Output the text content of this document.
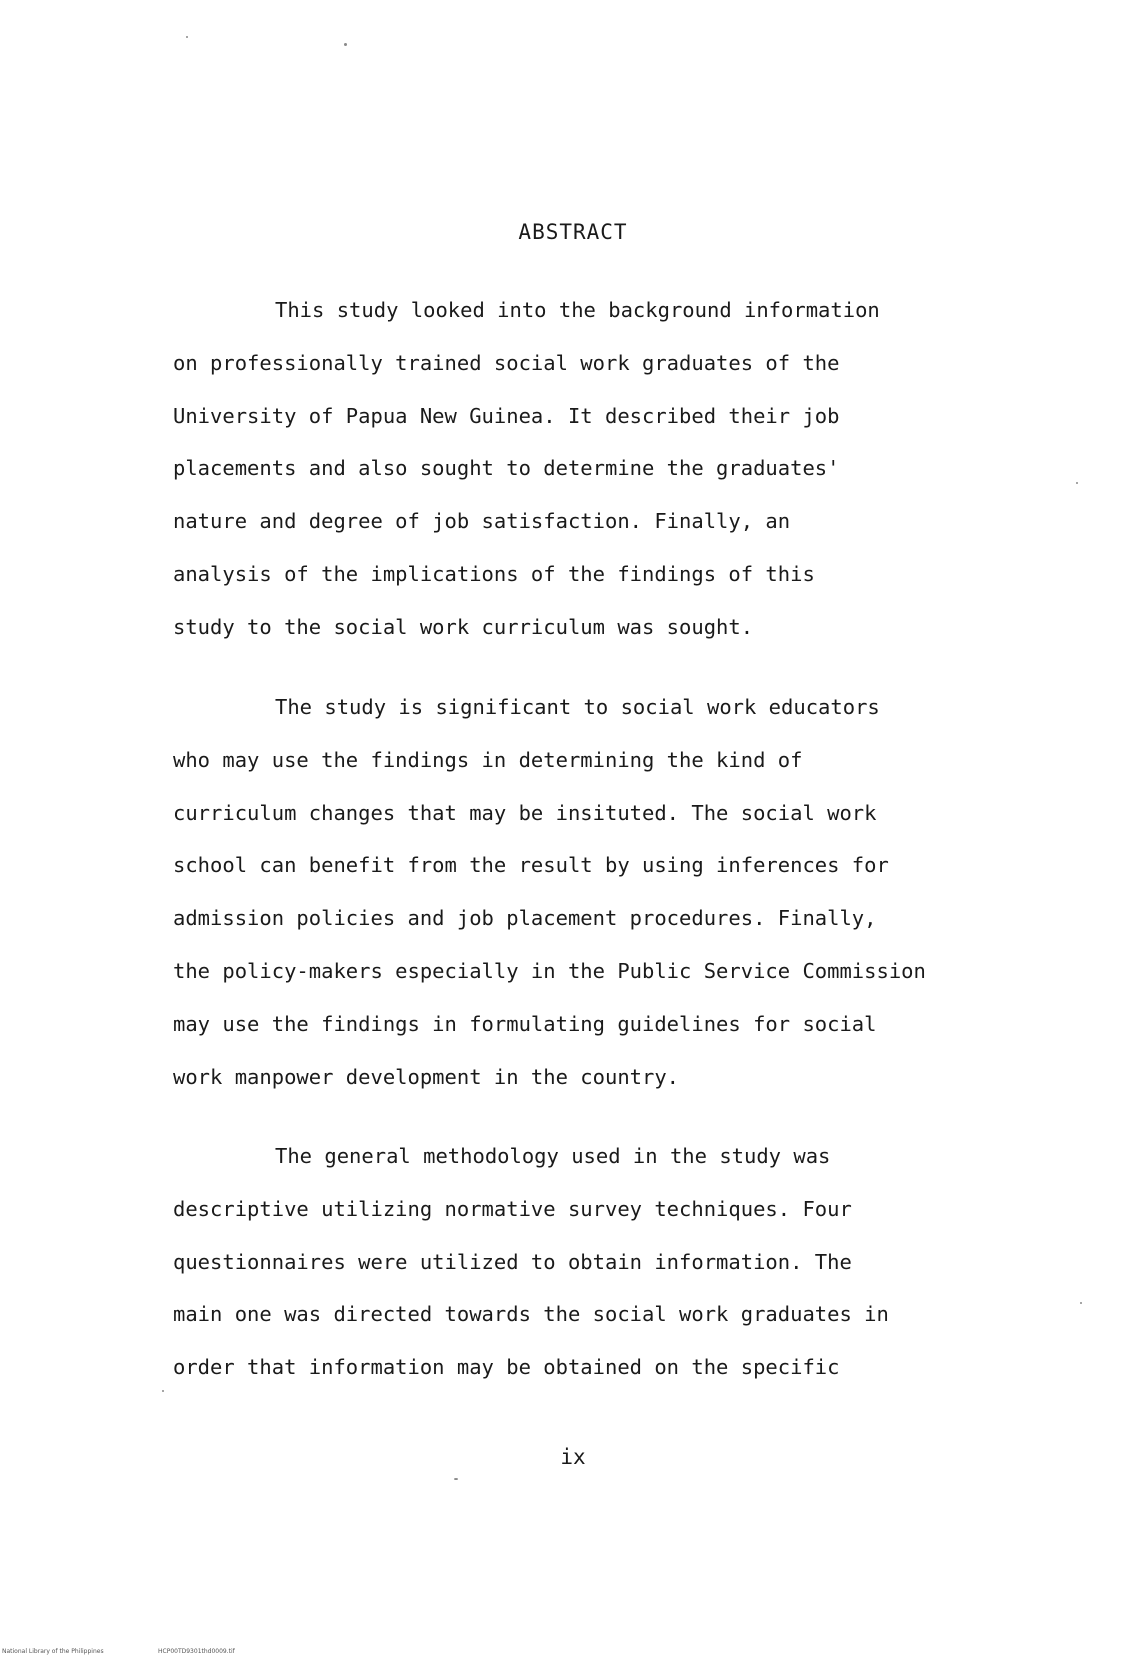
ABSTRACT
This study looked into the background information
on professionally trained social work graduates of the
University of Papua New Guinea. It described their job
placements and also sought to determine the graduates'
nature and degree of job satisfaction. Finally, an
analysis of the implications of the findings of this
study to the social work curriculum was sought.
The study is significant to social work educators
who may use the findings in determining the kind of
curriculum changes that may be insituted. The social work
school can benefit from the result by using inferences for
admission policies and job placement procedures. Finally,
the policy-makers especially in the Public Service Commission
may use the findings in formulating guidelines for social
work manpower development in the country.
The general methodology used in the study was
descriptive utilizing normative survey techniques. Four
questionnaires were utilized to obtain information. The
main one was directed towards the social work graduates in
order that information may be obtained on the specific
ix
National Library of the Philippines	HCP00TD9301thd0009.tif
